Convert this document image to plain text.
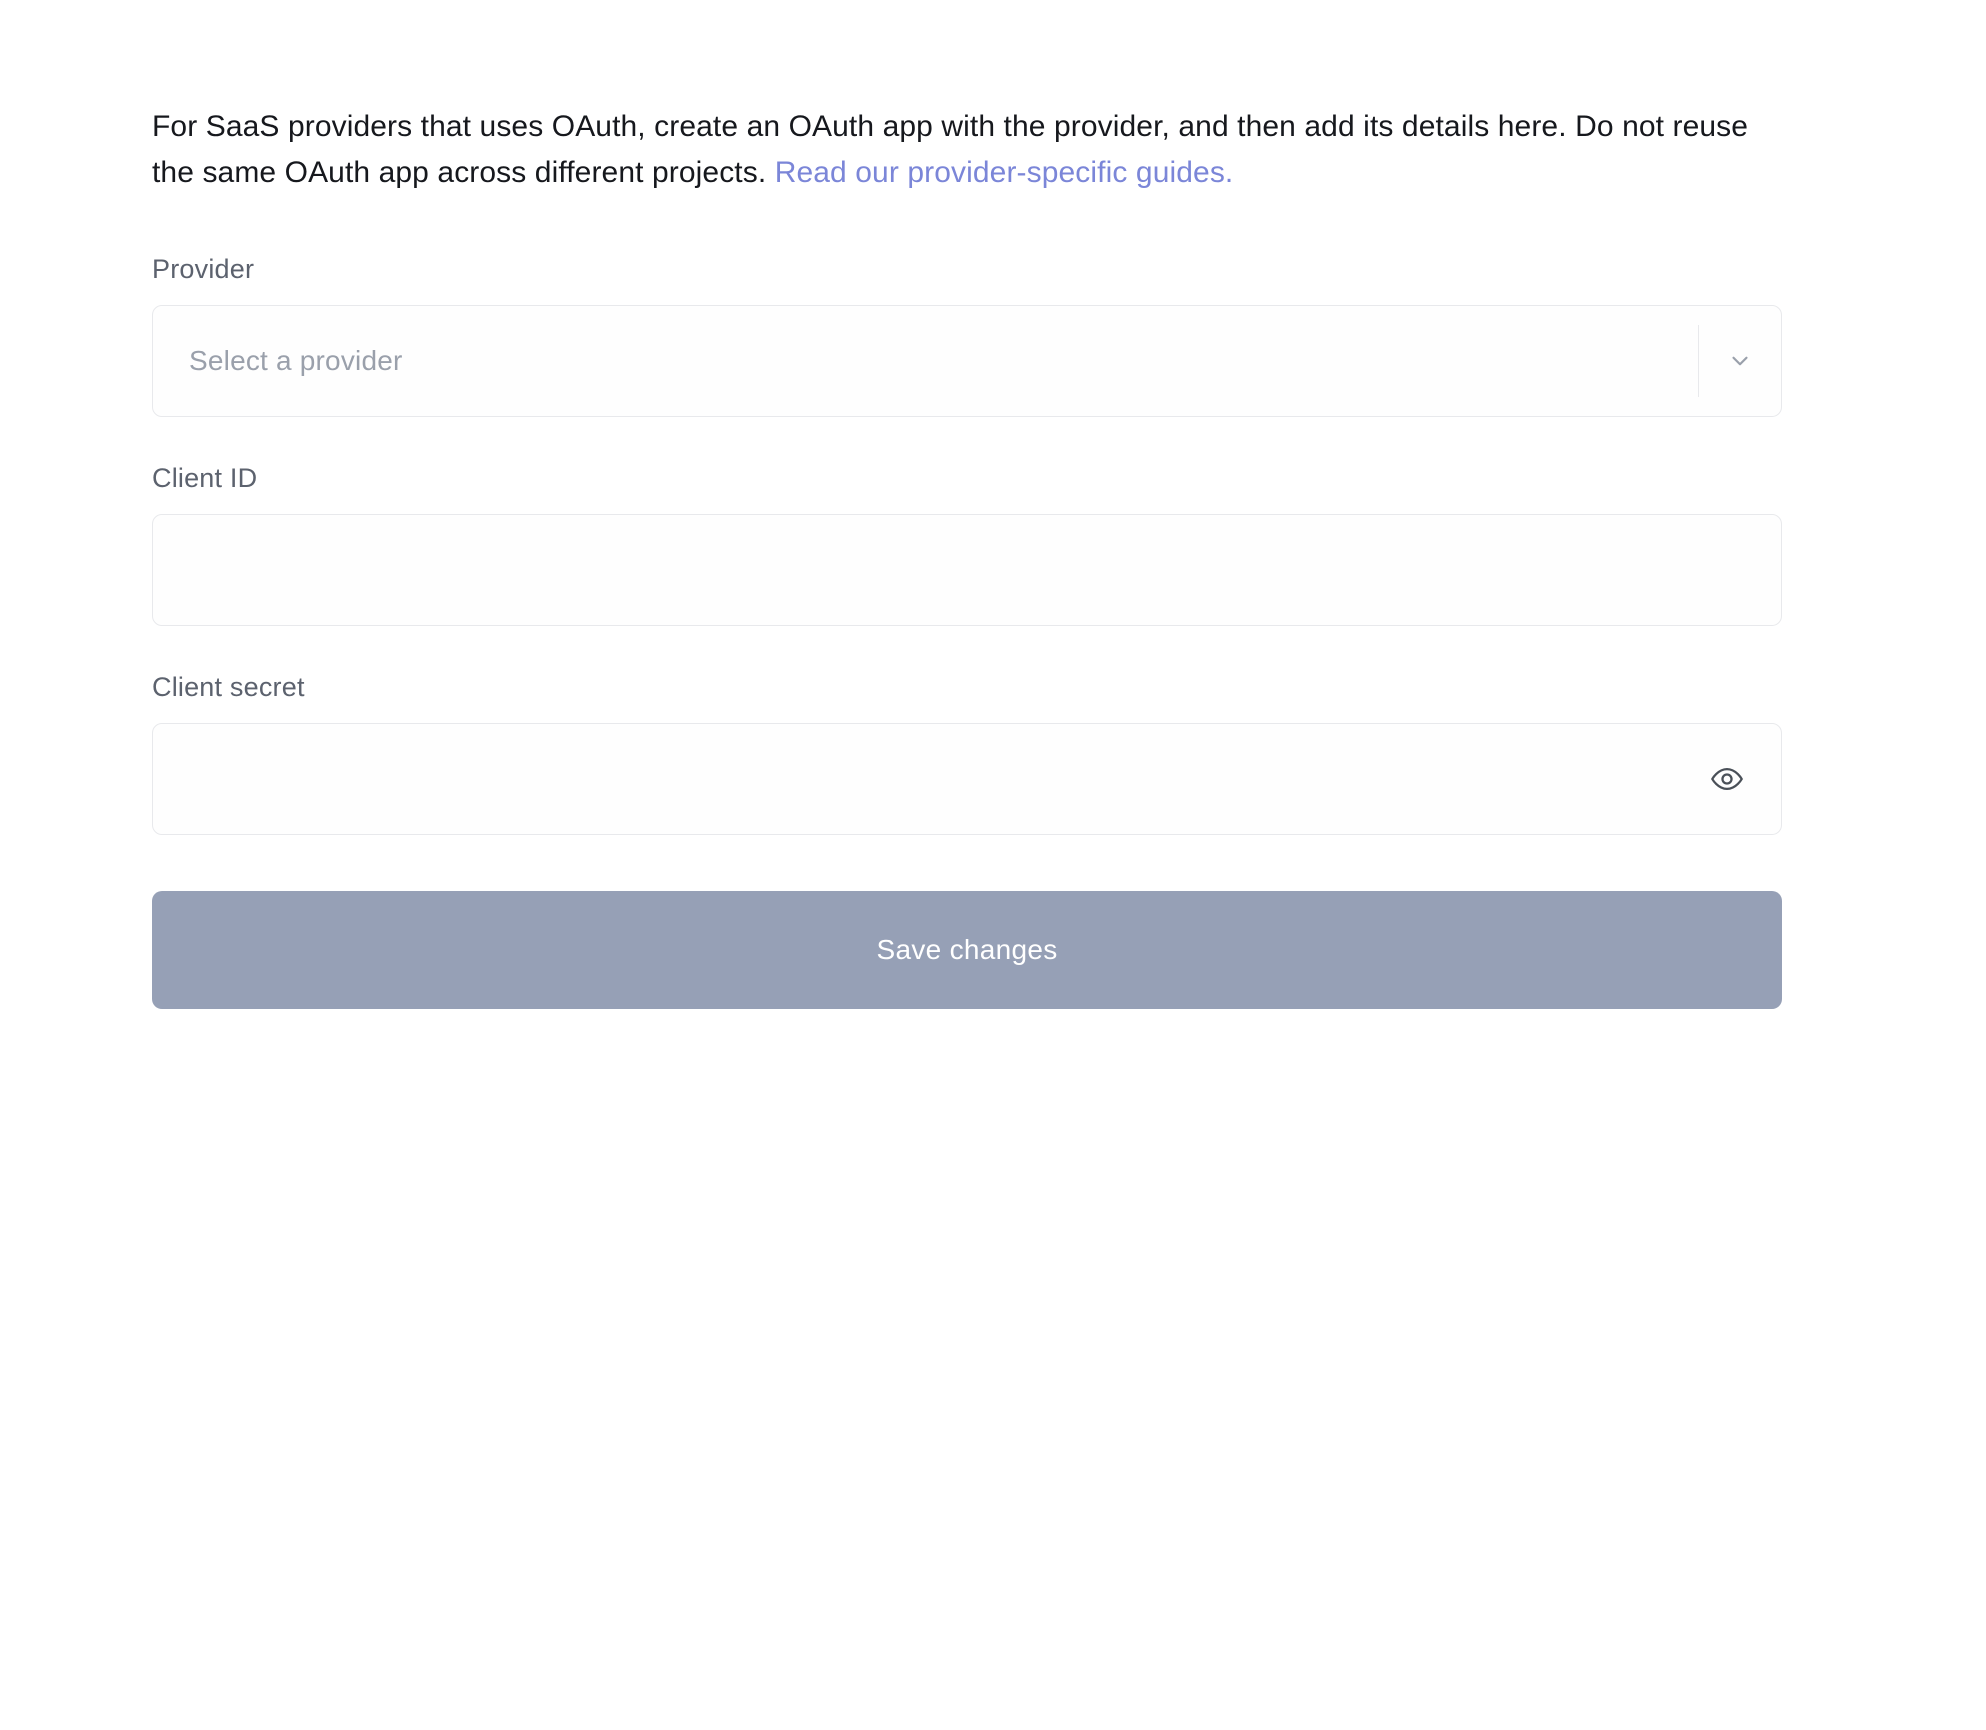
For SaaS providers that uses OAuth, create an OAuth app with the provider, and then add its details here. Do not reuse the same OAuth app across different projects. Read our provider-specific guides.

Provider
Select a provider
Client ID
Client secret
Save changes
